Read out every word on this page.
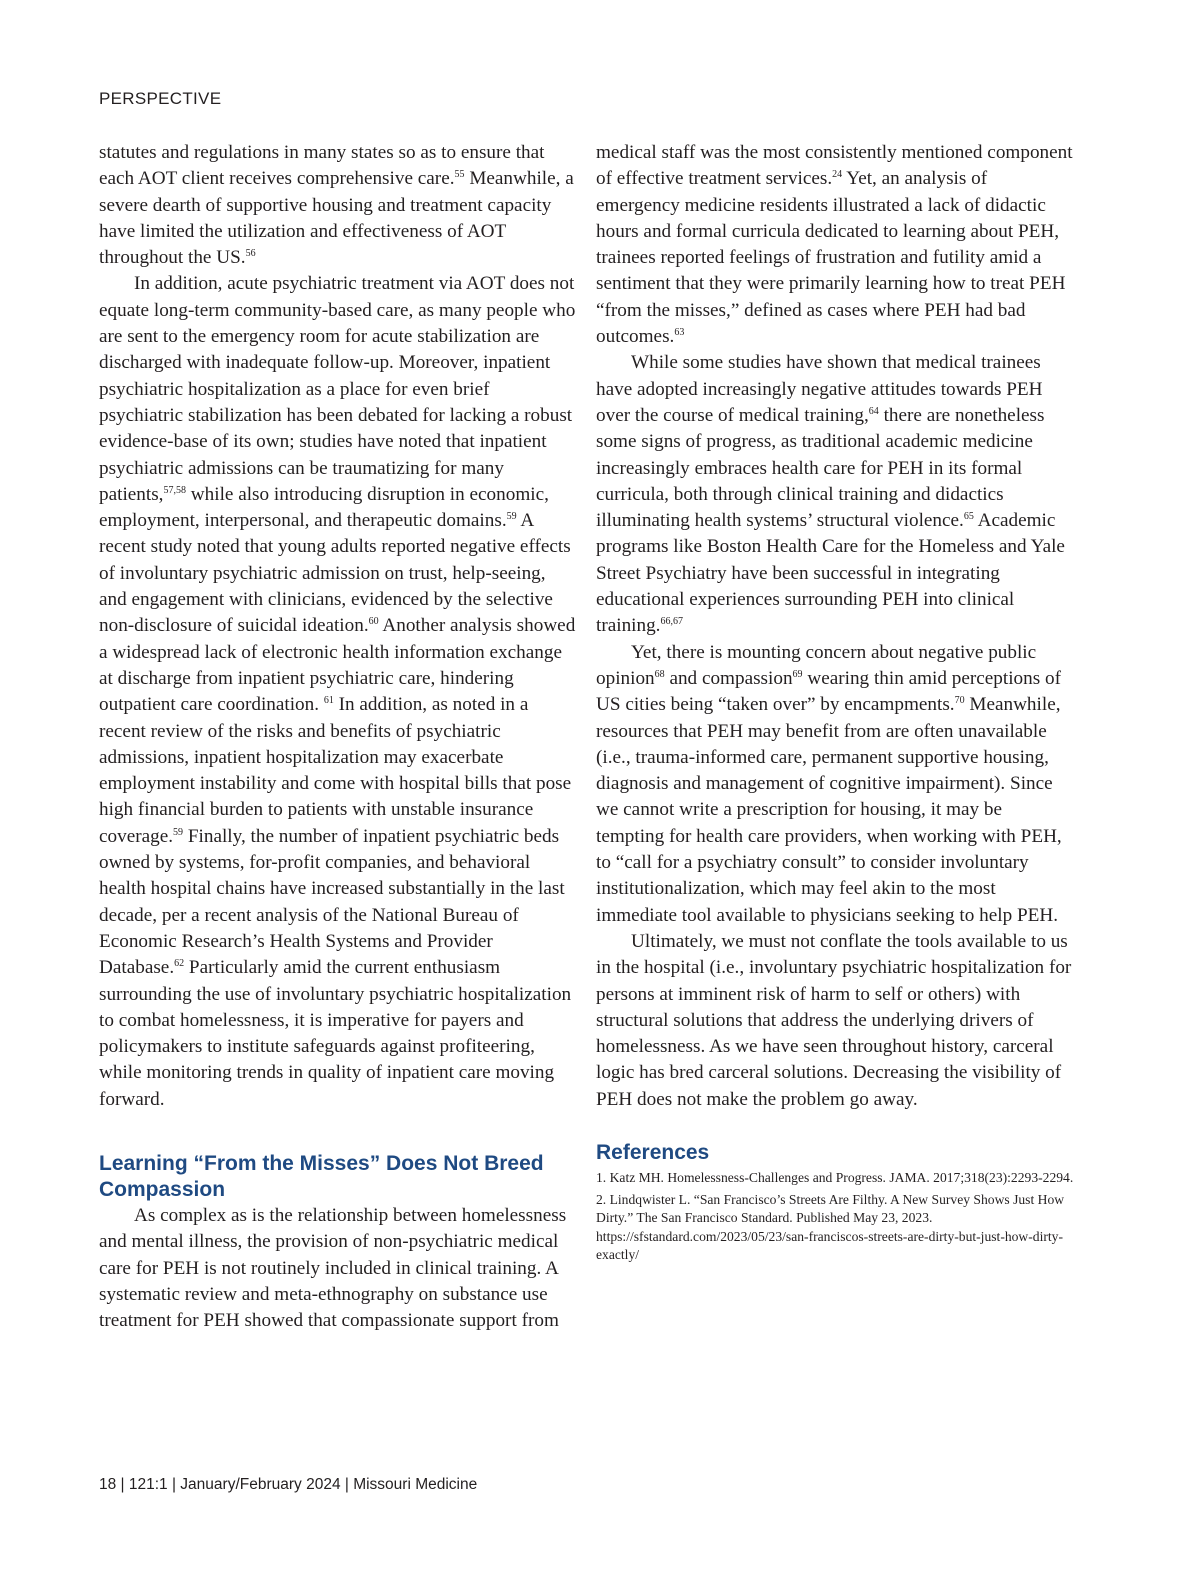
PERSPECTIVE

statutes and regulations in many states so as to ensure that each AOT client receives comprehensive care.$^{55}$ Meanwhile, a severe dearth of supportive housing and treatment capacity have limited the utilization and effectiveness of AOT throughout the US.$^{56}$

In addition, acute psychiatric treatment via AOT does not equate long-term community-based care, as many people who are sent to the emergency room for acute stabilization are discharged with inadequate follow-up. Moreover, inpatient psychiatric hospitalization as a place for even brief psychiatric stabilization has been debated for lacking a robust evidence-base of its own; studies have noted that inpatient psychiatric admissions can be traumatizing for many patients,$^{57,58}$ while also introducing disruption in economic, employment, interpersonal, and therapeutic domains.$^{59}$ A recent study noted that young adults reported negative effects of involuntary psychiatric admission on trust, help-seeing, and engagement with clinicians, evidenced by the selective non-disclosure of suicidal ideation.$^{60}$ Another analysis showed a widespread lack of electronic health information exchange at discharge from inpatient psychiatric care, hindering outpatient care coordination. $^{61}$ In addition, as noted in a recent review of the risks and benefits of psychiatric admissions, inpatient hospitalization may exacerbate employment instability and come with hospital bills that pose high financial burden to patients with unstable insurance coverage.$^{59}$ Finally, the number of inpatient psychiatric beds owned by systems, for-profit companies, and behavioral health hospital chains have increased substantially in the last decade, per a recent analysis of the National Bureau of Economic Research’s Health Systems and Provider Database.$^{62}$ Particularly amid the current enthusiasm surrounding the use of involuntary psychiatric hospitalization to combat homelessness, it is imperative for payers and policymakers to institute safeguards against profiteering, while monitoring trends in quality of inpatient care moving forward.

Learning “From the Misses” Does Not Breed Compassion

As complex as is the relationship between homelessness and mental illness, the provision of non-psychiatric medical care for PEH is not routinely included in clinical training. A systematic review and meta-ethnography on substance use treatment for PEH showed that compassionate support from

medical staff was the most consistently mentioned component of effective treatment services.$^{24}$ Yet, an analysis of emergency medicine residents illustrated a lack of didactic hours and formal curricula dedicated to learning about PEH, trainees reported feelings of frustration and futility amid a sentiment that they were primarily learning how to treat PEH “from the misses,” defined as cases where PEH had bad outcomes.$^{63}$

While some studies have shown that medical trainees have adopted increasingly negative attitudes towards PEH over the course of medical training,$^{64}$ there are nonetheless some signs of progress, as traditional academic medicine increasingly embraces health care for PEH in its formal curricula, both through clinical training and didactics illuminating health systems’ structural violence.$^{65}$ Academic programs like Boston Health Care for the Homeless and Yale Street Psychiatry have been successful in integrating educational experiences surrounding PEH into clinical training.$^{66,67}$

Yet, there is mounting concern about negative public opinion$^{68}$ and compassion$^{69}$ wearing thin amid perceptions of US cities being “taken over” by encampments.$^{70}$ Meanwhile, resources that PEH may benefit from are often unavailable (i.e., trauma-informed care, permanent supportive housing, diagnosis and management of cognitive impairment). Since we cannot write a prescription for housing, it may be tempting for health care providers, when working with PEH, to “call for a psychiatry consult” to consider involuntary institutionalization, which may feel akin to the most immediate tool available to physicians seeking to help PEH.

Ultimately, we must not conflate the tools available to us in the hospital (i.e., involuntary psychiatric hospitalization for persons at imminent risk of harm to self or others) with structural solutions that address the underlying drivers of homelessness. As we have seen throughout history, carceral logic has bred carceral solutions. Decreasing the visibility of PEH does not make the problem go away.

References

1. Katz MH. Homelessness-Challenges and Progress. JAMA. 2017;318(23):2293-2294.

2. Lindqwister L. “San Francisco’s Streets Are Filthy. A New Survey Shows Just How Dirty.” The San Francisco Standard. Published May 23, 2023. https://sfstandard.com/2023/05/23/san-franciscos-streets-are-dirty-but-just-how-dirty-exactly/

18 | 121:1 | January/February 2024 | Missouri Medicine
